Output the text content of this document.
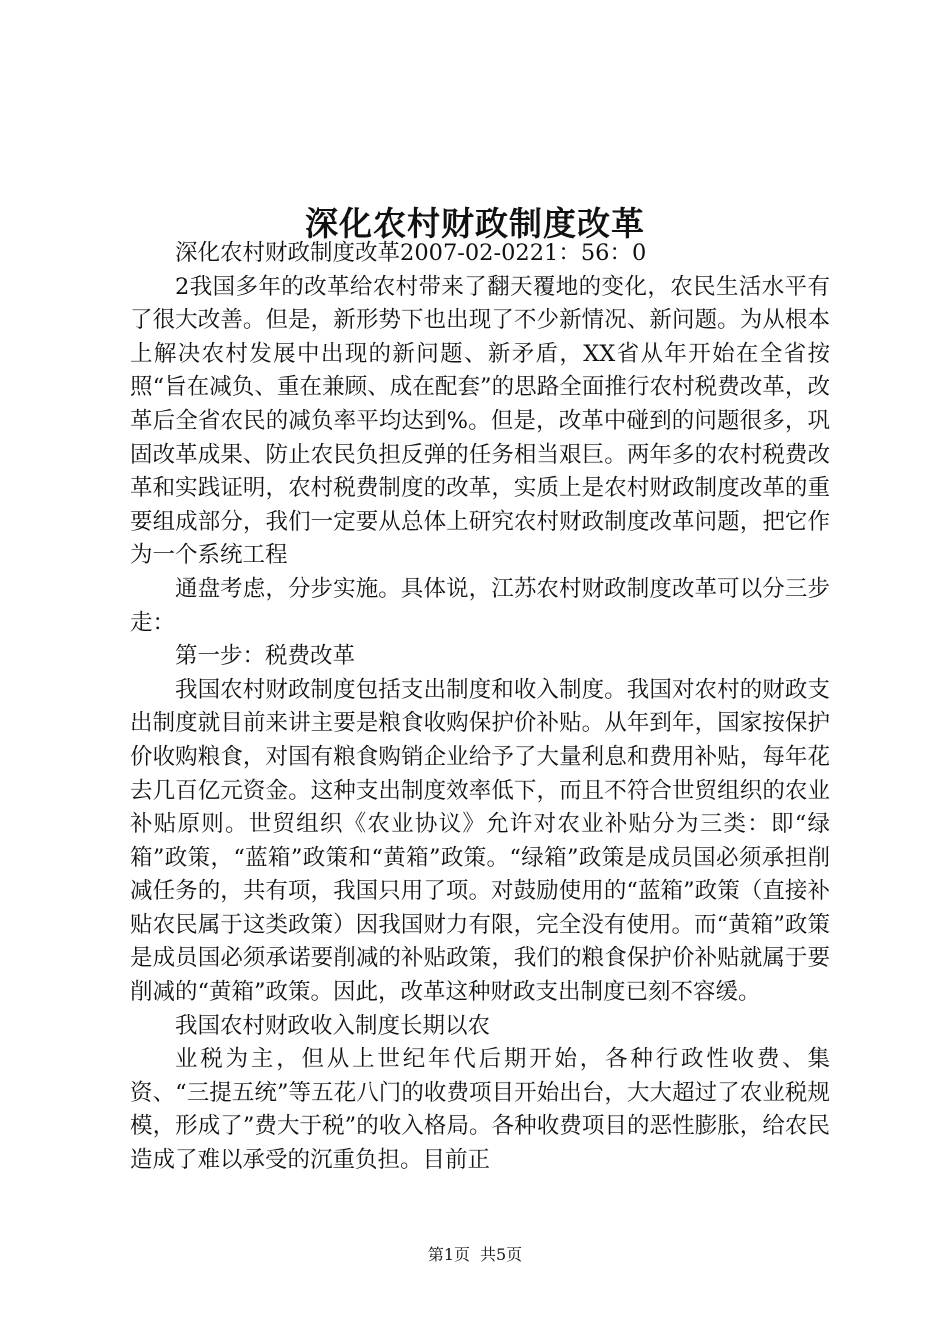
深化农村财政制度改革

深化农村财政制度改革2007-02-0221：56：0

2我国多年的改革给农村带来了翻天覆地的变化，农民生活水平有了很大改善。但是，新形势下也出现了不少新情况、新问题。为从根本上解决农村发展中出现的新问题、新矛盾，XX省从年开始在全省按照“旨在减负、重在兼顾、成在配套”的思路全面推行农村税费改革，改革后全省农民的减负率平均达到%。但是，改革中碰到的问题很多，巩固改革成果、防止农民负担反弹的任务相当艰巨。两年多的农村税费改革和实践证明，农村税费制度的改革，实质上是农村财政制度改革的重要组成部分，我们一定要从总体上研究农村财政制度改革问题，把它作为一个系统工程

通盘考虑，分步实施。具体说，江苏农村财政制度改革可以分三步走：

第一步：税费改革

我国农村财政制度包括支出制度和收入制度。我国对农村的财政支出制度就目前来讲主要是粮食收购保护价补贴。从年到年，国家按保护价收购粮食，对国有粮食购销企业给予了大量利息和费用补贴，每年花去几百亿元资金。这种支出制度效率低下，而且不符合世贸组织的农业补贴原则。世贸组织《农业协议》允许对农业补贴分为三类：即“绿箱”政策，“蓝箱”政策和“黄箱”政策。“绿箱”政策是成员国必须承担削减任务的，共有项，我国只用了项。对鼓励使用的“蓝箱”政策（直接补贴农民属于这类政策）因我国财力有限，完全没有使用。而“黄箱”政策是成员国必须承诺要削减的补贴政策，我们的粮食保护价补贴就属于要削减的“黄箱”政策。因此，改革这种财政支出制度已刻不容缓。

我国农村财政收入制度长期以农

业税为主，但从上世纪年代后期开始，各种行政性收费、集资、“三提五统”等五花八门的收费项目开始出台，大大超过了农业税规模，形成了”费大于税”的收入格局。各种收费项目的恶性膨胀，给农民造成了难以承受的沉重负担。目前正

第1页 共5页
